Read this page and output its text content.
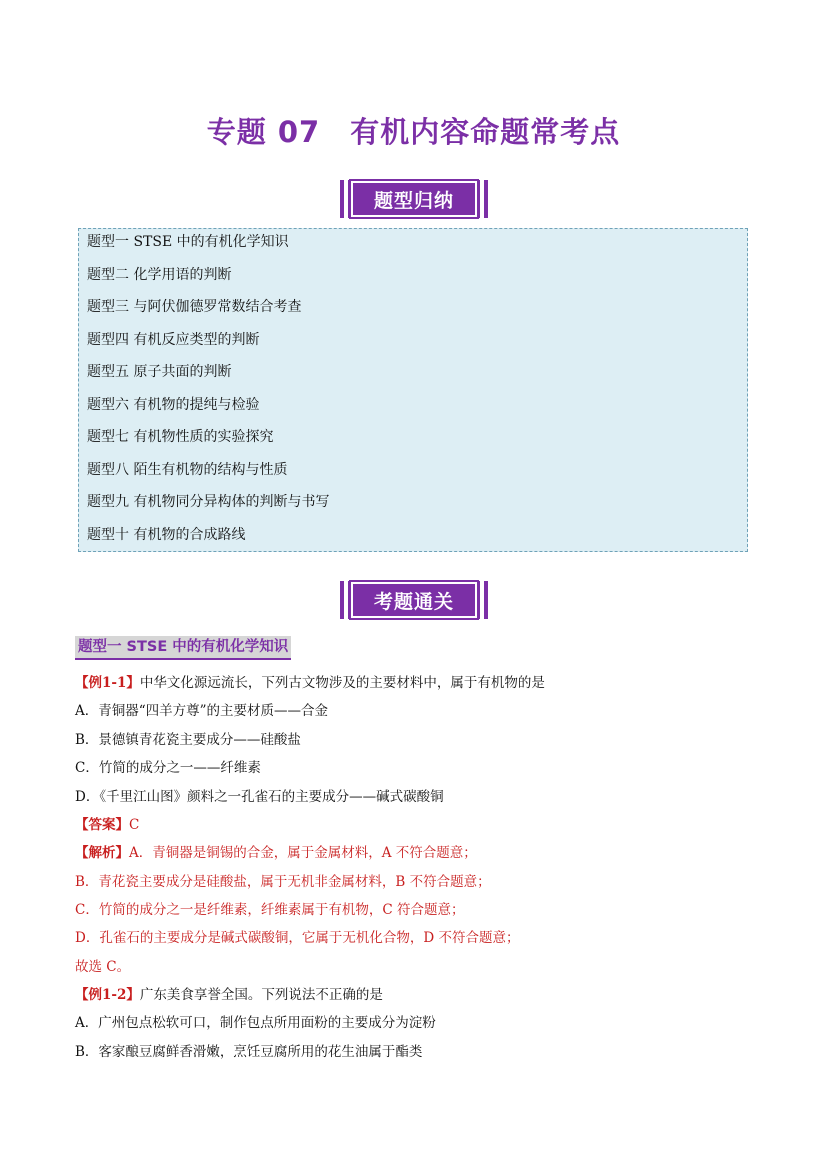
专题 07　有机内容命题常考点
题型归纳
题型一 STSE 中的有机化学知识
题型二 化学用语的判断
题型三 与阿伏伽德罗常数结合考查
题型四 有机反应类型的判断
题型五 原子共面的判断
题型六 有机物的提纯与检验
题型七 有机物性质的实验探究
题型八 陌生有机物的结构与性质
题型九 有机物同分异构体的判断与书写
题型十 有机物的合成路线
考题通关
题型一 STSE 中的有机化学知识
【例1-1】中华文化源远流长，下列古文物涉及的主要材料中，属于有机物的是
A．青铜器“四羊方尊”的主要材质——合金
B．景德镇青花瓷主要成分——硅酸盐
C．竹简的成分之一——纤维素
D．《千里江山图》颜料之一孔雀石的主要成分——碱式碳酸铜
【答案】C
【解析】A．青铜器是铜锡的合金，属于金属材料，A 不符合题意；
B．青花瓷主要成分是硅酸盐，属于无机非金属材料，B 不符合题意；
C．竹简的成分之一是纤维素，纤维素属于有机物，C 符合题意；
D．孔雀石的主要成分是碱式碳酸铜，它属于无机化合物，D 不符合题意；
故选 C。
【例1-2】广东美食享誉全国。下列说法不正确的是
A．广州包点松软可口，制作包点所用面粉的主要成分为淀粉
B．客家酿豆腐鲜香滑嫩，烹饪豆腐所用的花生油属于酯类
